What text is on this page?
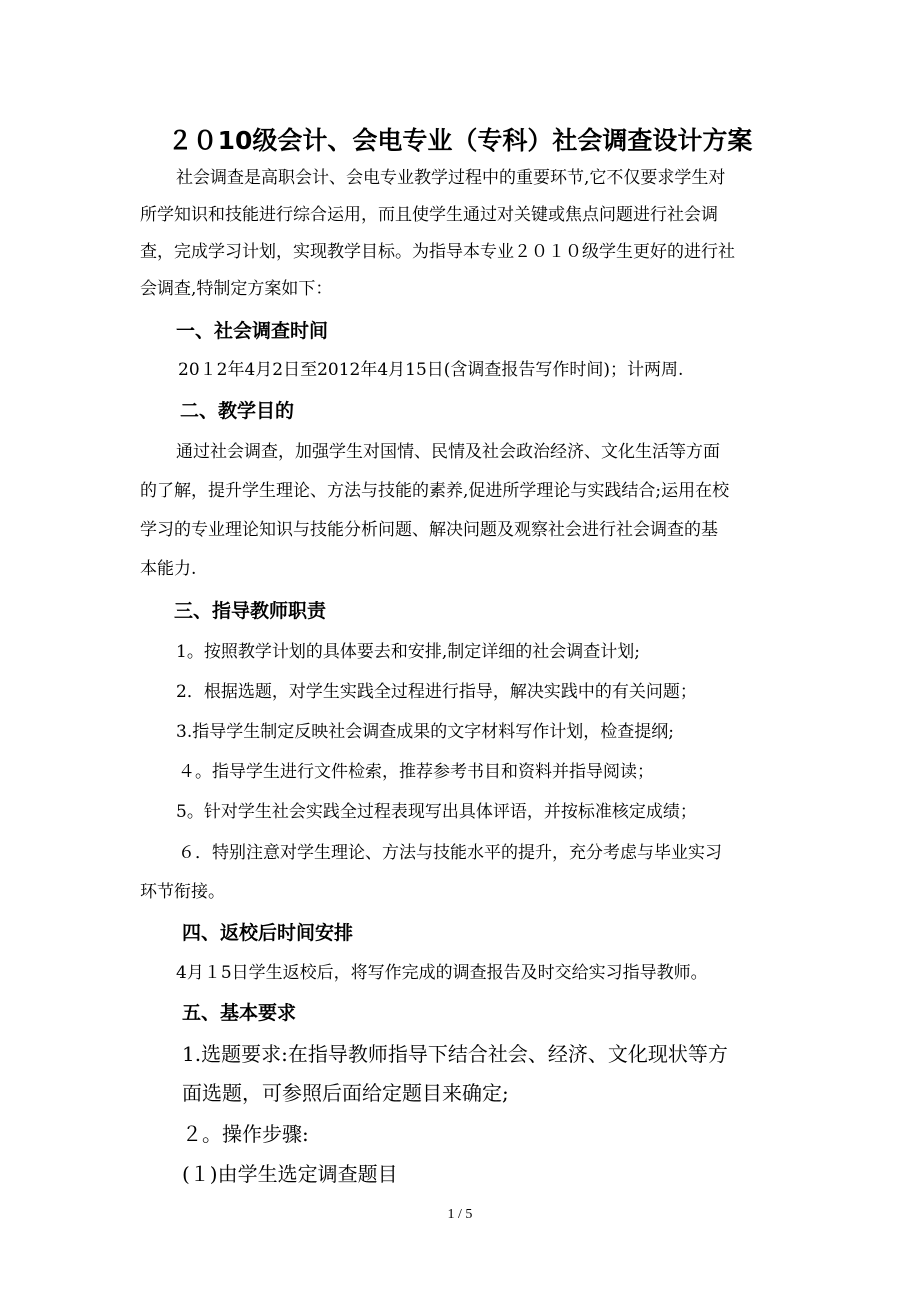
２０10级会计、会电专业（专科）社会调查设计方案
社会调查是高职会计、会电专业教学过程中的重要环节,它不仅要求学生对
所学知识和技能进行综合运用，而且使学生通过对关键或焦点问题进行社会调
查，完成学习计划，实现教学目标。为指导本专业２０１０级学生更好的进行社
会调查,特制定方案如下：
一、社会调查时间
20１2年4月2日至2012年4月15日(含调查报告写作时间)；计两周.
二、教学目的
通过社会调查，加强学生对国情、民情及社会政治经济、文化生活等方面
的了解，提升学生理论、方法与技能的素养,促进所学理论与实践结合;运用在校
学习的专业理论知识与技能分析问题、解决问题及观察社会进行社会调查的基
本能力.
三、指导教师职责
1。按照教学计划的具体要去和安排,制定详细的社会调查计划;
2．根据选题，对学生实践全过程进行指导，解决实践中的有关问题；
3.指导学生制定反映社会调查成果的文字材料写作计划，检查提纲;
４。指导学生进行文件检索，推荐参考书目和资料并指导阅读；
5。针对学生社会实践全过程表现写出具体评语，并按标准核定成绩；
６．特别注意对学生理论、方法与技能水平的提升，充分考虑与毕业实习
环节衔接。
四、返校后时间安排
4月１5日学生返校后，将写作完成的调查报告及时交给实习指导教师。
五、基本要求
1.选题要求:在指导教师指导下结合社会、经济、文化现状等方
面选题，可参照后面给定题目来确定;
２。操作步骤:
(１)由学生选定调查题目
1 / 5
